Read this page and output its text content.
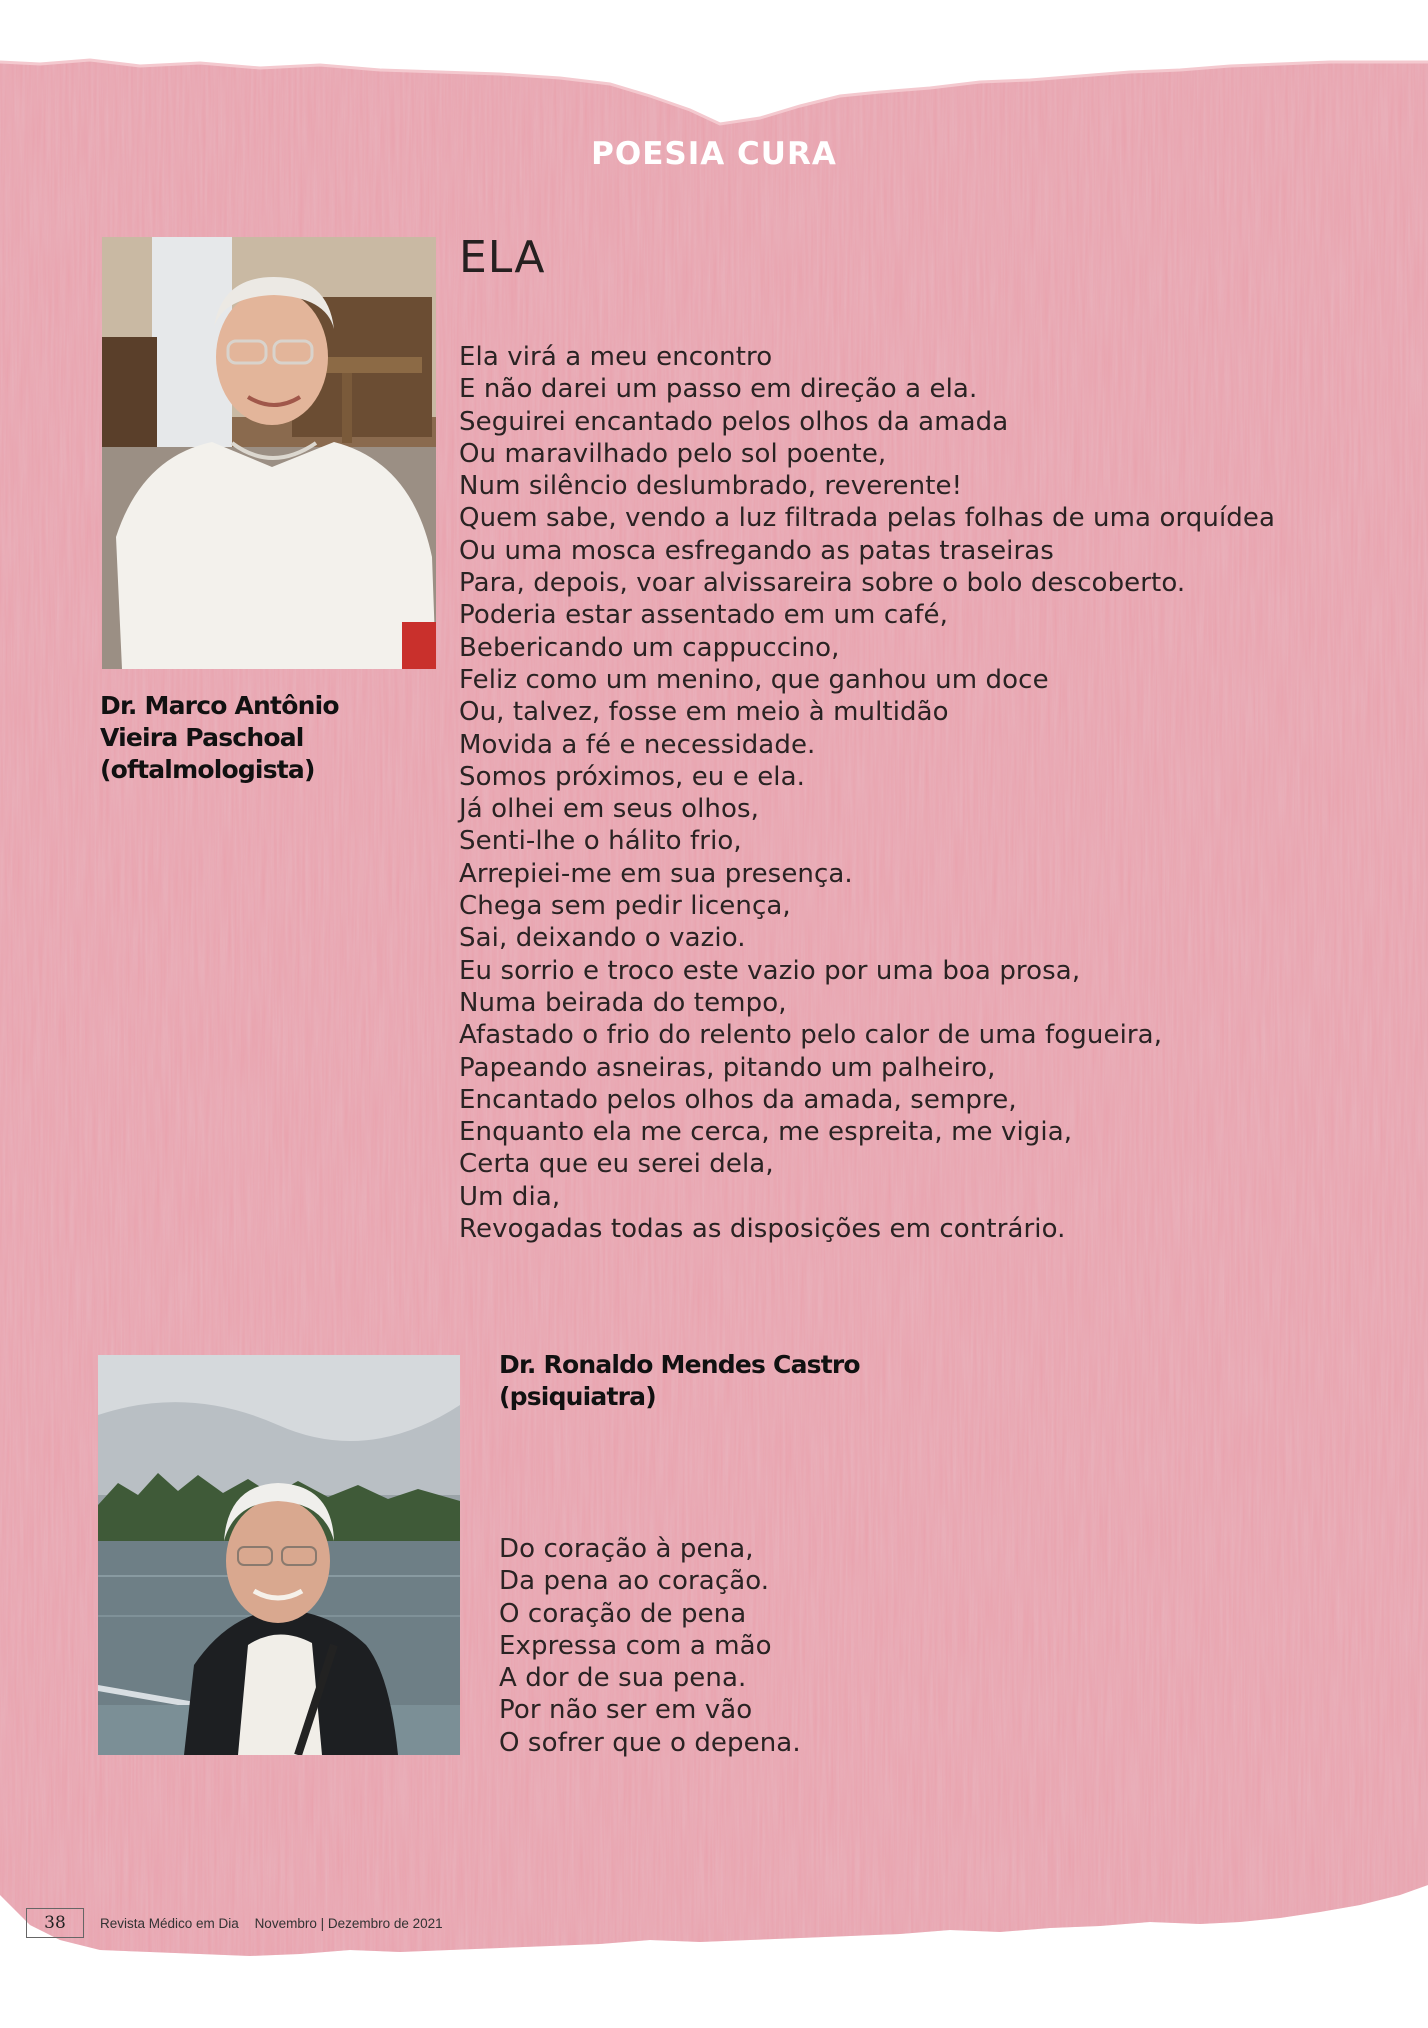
POESIA CURA
Dr. Marco Antônio
Vieira Paschoal
(oftalmologista)
ELA
Ela virá a meu encontro
E não darei um passo em direção a ela.
Seguirei encantado pelos olhos da amada
Ou maravilhado pelo sol poente,
Num silêncio deslumbrado, reverente!
Quem sabe, vendo a luz filtrada pelas folhas de uma orquídea
Ou uma mosca esfregando as patas traseiras
Para, depois, voar alvissareira sobre o bolo descoberto.
Poderia estar assentado em um café,
Bebericando um cappuccino,
Feliz como um menino, que ganhou um doce
Ou, talvez, fosse em meio à multidão
Movida a fé e necessidade.
Somos próximos, eu e ela.
Já olhei em seus olhos,
Senti-lhe o hálito frio,
Arrepiei-me em sua presença.
Chega sem pedir licença,
Sai, deixando o vazio.
Eu sorrio e troco este vazio por uma boa prosa,
Numa beirada do tempo,
Afastado o frio do relento pelo calor de uma fogueira,
Papeando asneiras, pitando um palheiro,
Encantado pelos olhos da amada, sempre,
Enquanto ela me cerca, me espreita, me vigia,
Certa que eu serei dela,
Um dia,
Revogadas todas as disposições em contrário.
Dr. Ronaldo Mendes Castro
(psiquiatra)
Do coração à pena,
Da pena ao coração.
O coração de pena
Expressa com a mão
A dor de sua pena.
Por não ser em vão
O sofrer que o depena.
38	Revista Médico em Dia Novembro | Dezembro de 2021
